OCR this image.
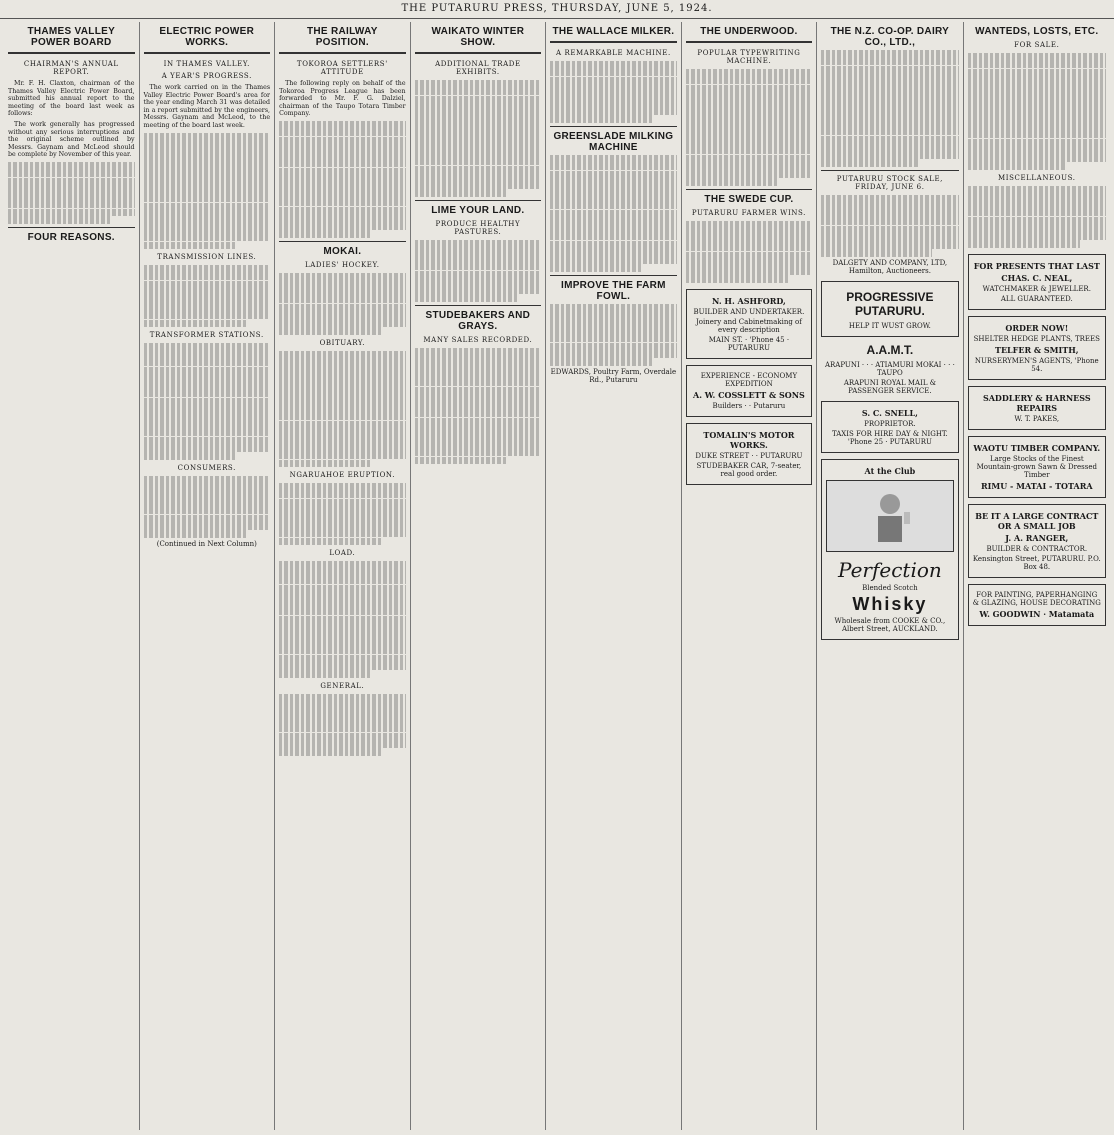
THE PUTARURU PRESS, THURSDAY, JUNE 5, 1924.
THAMES VALLEY POWER BOARD
CHAIRMAN'S ANNUAL REPORT.

Mr. F. H. Claxton, chairman of the Thames Valley Electric Power Board, submitted his annual report to the meeting of the board last week as follows:

The work generally has progressed without any serious interruptions and the original scheme outlined by Messrs. Gaynam and McLeod should be complete by November of this year.

FOUR REASONS.
ELECTRIC POWER WORKS.
IN THAMES VALLEY.
A YEAR'S PROGRESS.

The work carried on in the Thames Valley Electric Power Board's area for the year ending March 31 was detailed in a report submitted by the engineers, Messrs. Gaynam and McLeod, to the meeting of the board last week.

TRANSMISSION LINES.
TRANSFORMER STATIONS.
CONSUMERS.
(Continued in Next Column)
THE RAILWAY POSITION.
TOKOROA SETTLERS' ATTITUDE

The following reply on behalf of the Tokoroa Progress League has been forwarded to Mr. F. G. Dalziel, chairman of the Taupo Totara Timber Company.

MOKAI.
LADIES' HOCKEY.
OBITUARY.
NGARUAHOE ERUPTION.
LOAD.
GENERAL.
WAIKATO WINTER SHOW.
ADDITIONAL TRADE EXHIBITS.
LIME YOUR LAND.
PRODUCE HEALTHY PASTURES.
STUDEBAKERS AND GRAYS.
MANY SALES RECORDED.
THE WALLACE MILKER.
A REMARKABLE MACHINE.
GREENSLADE MILKING MACHINE
IMPROVE THE FARM FOWL.
EDWARDS, Poultry Farm, Overdale Rd., Putaruru
THE UNDERWOOD.
POPULAR TYPEWRITING MACHINE.
THE SWEDE CUP.
PUTARURU FARMER WINS.
N. H. ASHFORD,
BUILDER AND UNDERTAKER.
Joinery and Cabinetmaking of every description
MAIN ST. · 'Phone 45 · PUTARURU
EXPERIENCE - ECONOMY EXPEDITION
A. W. COSSLETT & SONS
Builders · · Putaruru
TOMALIN'S MOTOR WORKS.
DUKE STREET · · PUTARURU
STUDEBAKER CAR, 7-seater, real good order.
THE N.Z. CO-OP. DAIRY CO., LTD.,
PUTARURU STOCK SALE, FRIDAY, JUNE 6.
DALGETY AND COMPANY, LTD, Hamilton, Auctioneers.
PROGRESSIVE PUTARURU.
HELP IT WUST GROW.
A.A.M.T.
ARAPUNI · · · ATIAMURI MOKAI · · · TAUPO
ARAPUNI ROYAL MAIL & PASSENGER SERVICE.
S. C. SNELL,
PROPRIETOR.
TAXIS FOR HIRE DAY & NIGHT. 'Phone 25 · PUTARURU
At the Club
Perfection
Blended Scotch
Whisky
Wholesale from COOKE & CO., Albert Street, AUCKLAND.
WANTEDS, LOSTS, ETC.
FOR SALE.
MISCELLANEOUS.
FOR PRESENTS THAT LAST
CHAS. C. NEAL,
WATCHMAKER & JEWELLER.
ALL GUARANTEED.
ORDER NOW!
SHELTER HEDGE PLANTS, TREES
TELFER & SMITH,
NURSERYMEN'S AGENTS, 'Phone 54.
SADDLERY & HARNESS REPAIRS
W. T. PAKES,
WAOTU TIMBER COMPANY.
Large Stocks of the Finest Mountain-grown Sawn & Dressed Timber
RIMU - MATAI - TOTARA
BE IT A LARGE CONTRACT OR A SMALL JOB
J. A. RANGER,
BUILDER & CONTRACTOR.
Kensington Street, PUTARURU. P.O. Box 48.
FOR PAINTING, PAPERHANGING & GLAZING, HOUSE DECORATING
W. GOODWIN · Matamata
